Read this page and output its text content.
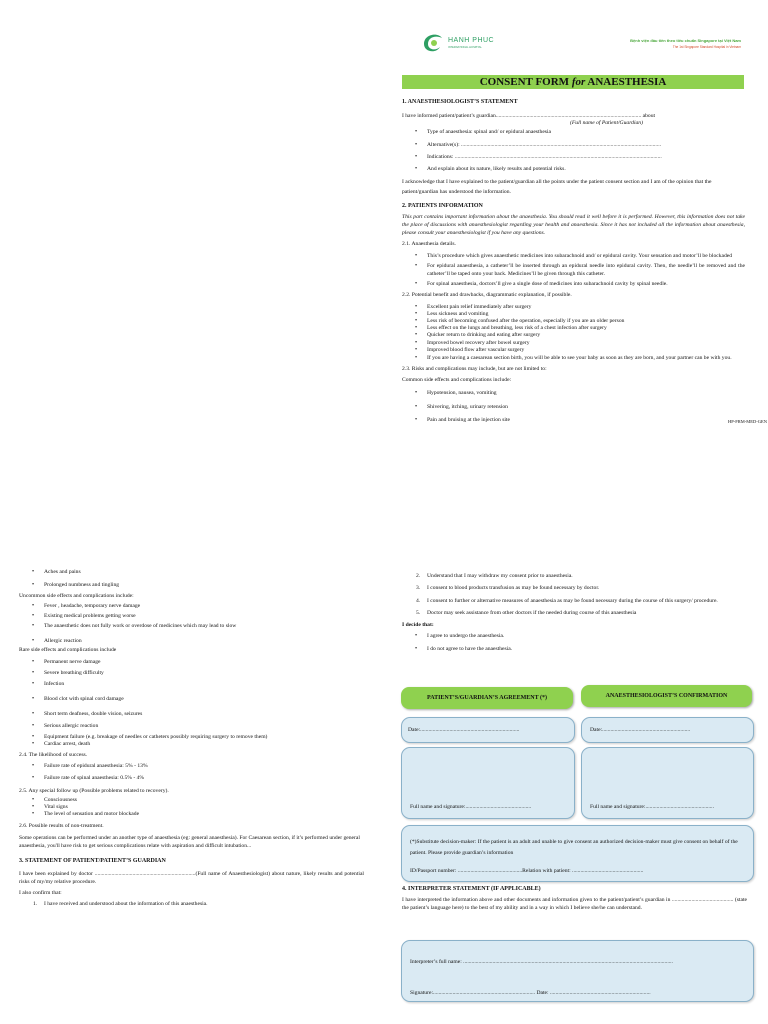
HANH PHUC
INTERNATIONAL HOSPITAL
Bệnh viện đầu tiên theo tiêu chuẩn Singapore tại Việt Nam
The 1st Singapore Standard Hospital in Vietnam
CONSENT FORM for ANAESTHESIA

1. ANAESTHESIOLOGIST’S STATEMENT

I have informed patient/patient’s guardian........................................................................................................ about

(Full name of Patient/Guardian)

• Type of anaesthesia: spinal and/ or epidural anaesthesia
• Alternative(s): ...............................................................................................................................................
• Indications: ....................................................................................................................................................
• And explain about its nature, likely results and potential risks.

I acknowledge that I have explained to the patient/guardian all the points under the patient consent section and I am of the opinion that the patient/guardian has understood the information.

2. PATIENTS INFORMATION

This part contains important information about the anaesthesia. You should read it well before it is performed. However, this information does not take the place of discussions with anaesthesiologist regarding your health and anaesthesia. Since it has not included all the information about anaesthesia, please consult your anaesthesiologist if you have any questions.

2.1. Anaesthesia details.

• This’s procedure which gives anaesthetic medicines into subarachnoid and/ or epidural cavity. Your sensation and motor’ll be blockaded
• For epidural anaesthesia, a catheter’ll be inserted through an epidural needle into epidural cavity. Then, the needle’ll be removed and the catheter’ll be taped onto your back. Medicines’ll be given through this catheter.
• For spinal anaesthesia, doctors’ll give a single dose of medicines into subarachnoid cavity by spinal needle.

2.2. Potential benefit and drawbacks, diagrammatic explanation, if possible.

• Excellent pain relief immediately after surgery
• Less sickness and vomiting
• Less risk of becoming confused after the operation, especially if you are an older person
• Less effect on the lungs and breathing, less risk of a chest infection after surgery
• Quicker return to drinking and eating after surgery
• Improved bowel recovery after bowel surgery
• Improved blood flow after vascular surgery
• If you are having a caesarean section birth, you will be able to see your baby as soon as they are born, and your partner can be with you.

2.3. Risks and complications may include, but are not limited to:

Common side effects and complications include:

• Hypotension, nausea, vomiting
• Shivering, itching, urinary retension
• Pain and bruising at the injection site	HP-FRM-MED-GEN
• Aches and pains
• Prolonged numbness and tingling

Uncommon side effects and complications include:

• Fever , headache, temporary nerve damage
• Existing medical problems getting worse
• The anaesthetic does not fully work or overdose of medicines which may lead to slow
• Allergic reaction

Rare side effects and complications include

• Permanent nerve damage
• Severe breathing difficulty
• Infection
• Blood clot with spinal cord damage
• Short term deafness, double vision, seizures
• Serious allergic reaction
• Equipment failure (e.g. breakage of needles or catheters possibly requiring surgery to remove them)
• Cardiac arrest, death

2.4. The likelihood of success.

• Failure rate of epidural anaesthesia: 5% - 13%
• Failure rate of spinal anaesthesia: 0.5% - 4%

2.5. Any special follow up (Possible problems related to recovery).

• Consciousness
• Vital signs
• The level of sensation and motor blockade

2.6. Possible results of non-treatment.

Some operations can be performed under an another type of anaesthesia (eg: general anaesthesia). For Caesarean section, if it’s performed under general anaesthesia, you'll have risk to get serious complications relate with aspiration and difficult intubation...

3. STATEMENT OF PATIENT/PATIENT’S GUARDIAN

I have been explained by doctor ........................................................................(Full name of Anaesthesiologist) about nature, likely results and potential risks of my/my relative procedure.

I also confirm that:

1. I have received and understood about the information of this anaesthesia.
2. Understand that I may withdraw my consent prior to anaesthesia.
3. I consent to blood products transfusion as may be found necessary by doctor.
4. I consent to further or alternative measures of anaesthesia as may be found necessary during the course of this surgery/ procedure.
5. Doctor may seek assistance from other doctors if the needed during course of this anaesthesia

I decide that:

• I agree to undergo the anaesthesia.
• I do not agree to have the anaesthesia.
PATIENT’S/GUARDIAN’S AGREEMENT (*)	ANAESTHESIOLOGIST’S CONFIRMATION

Date:.......................................................................	Date:...............................................................

Full name and signature:...............................................	Full name and signature:.................................................

(*)Substitute decision-maker: If the patient is an adult and unable to give consent an authorized decision-maker must give consent on behalf of the patient. Please provide guardian’s information

ID/Passport number: ..............................................Relation with patient: ...................................................

4. INTERPRETER STATEMENT (IF APPLICABLE)

I have interpreted the information above and other documents and information given to the patient/patient’s guardian in ............................................ (state the patient’s language here) to the best of my ability and in a way in which I believe she/he can understand.

Interpreter’s full name: ......................................................................................................................................................

Signature:......................................................................... Date: ........................................................................
